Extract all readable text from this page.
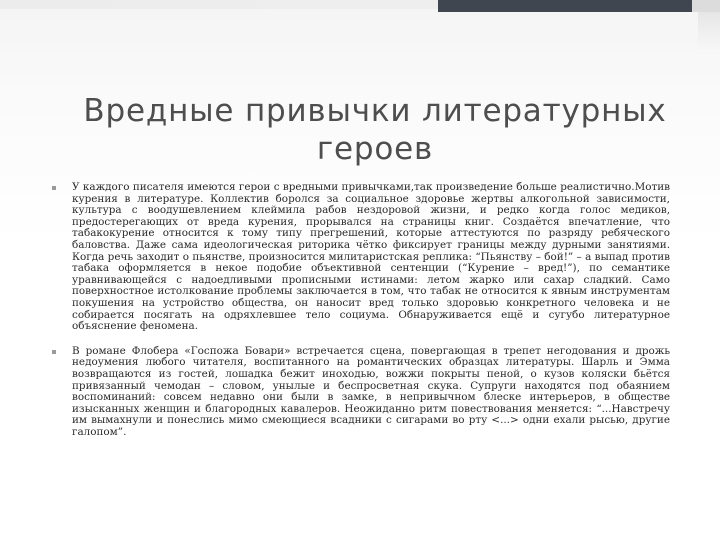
Вредные привычки литературных героев
У каждого писателя имеются герои с вредными привычками,так произведение больше реалистично.Мотив курения в литературе. Коллектив боролся за социальное здоровье жертвы алкогольной зависимости, культура с воодушевлением клеймила рабов нездоровой жизни, и редко когда голос медиков, предостерегающих от вреда курения, прорывался на страницы книг. Создаётся впечатление, что табакокурение относится к тому типу прегрешений, которые аттестуются по разряду ребяческого баловства. Даже сама идеологическая риторика чётко фиксирует границы между дурными занятиями. Когда речь заходит о пьянстве, произносится милитаристская реплика: “Пьянству – бой!” – а выпад против табака оформляется в некое подобие объективной сентенции (“Курение – вред!”), по семантике уравнивающейся с надоедливыми прописными истинами: летом жарко или сахар сладкий. Само поверхностное истолкование проблемы заключается в том, что табак не относится к явным инструментам покушения на устройство общества, он наносит вред только здоровью конкретного человека и не собирается посягать на одряхлевшее тело социума. Обнаруживается ещё и сугубо литературное объяснение феномена.
В романе Флобера «Госпожа Бовари» встречается сцена, повергающая в трепет негодования и дрожь недоумения любого читателя, воспитанного на романтических образцах литературы. Шарль и Эмма возвращаются из гостей, лошадка бежит иноходью, вожжи покрыты пеной, о кузов коляски бьётся привязанный чемодан – словом, унылые и беспросветная скука. Супруги находятся под обаянием воспоминаний: совсем недавно они были в замке, в непривычном блеске интерьеров, в обществе изысканных женщин и благородных кавалеров. Неожиданно ритм повествования меняется: “...Навстречу им вымахнули и понеслись мимо смеющиеся всадники с сигарами во рту <...> одни ехали рысью, другие галопом”.
